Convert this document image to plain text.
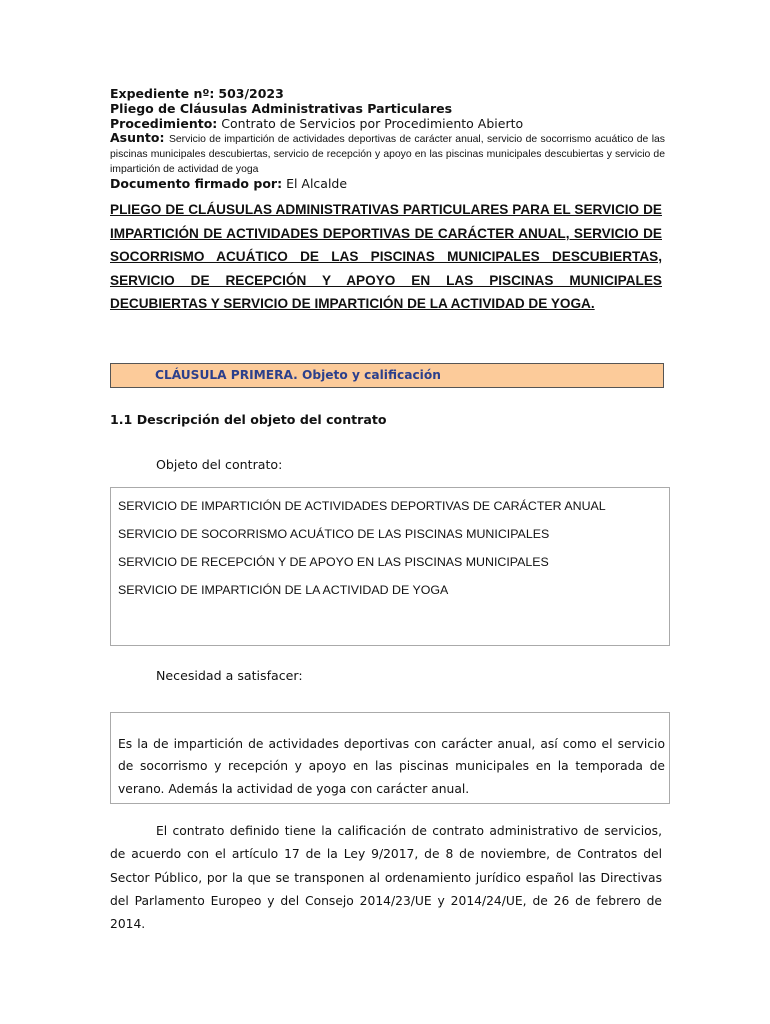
Expediente nº: 503/2023
Pliego de Cláusulas Administrativas Particulares
Procedimiento: Contrato de Servicios por Procedimiento Abierto
Asunto: Servicio de impartición de actividades deportivas de carácter anual, servicio de socorrismo acuático de las piscinas municipales descubiertas, servicio de recepción y apoyo en las piscinas municipales descubiertas y servicio de impartición de actividad de yoga
Documento firmado por: El Alcalde
PLIEGO DE CLÁUSULAS ADMINISTRATIVAS PARTICULARES PARA EL SERVICIO DE IMPARTICIÓN DE ACTIVIDADES DEPORTIVAS DE CARÁCTER ANUAL, SERVICIO DE SOCORRISMO ACUÁTICO DE LAS PISCINAS MUNICIPALES DESCUBIERTAS, SERVICIO DE RECEPCIÓN Y APOYO EN LAS PISCINAS MUNICIPALES DECUBIERTAS Y SERVICIO DE IMPARTICIÓN DE LA ACTIVIDAD DE YOGA.
CLÁUSULA PRIMERA. Objeto y calificación
1.1 Descripción del objeto del contrato
Objeto del contrato:
SERVICIO DE IMPARTICIÓN DE ACTIVIDADES DEPORTIVAS DE CARÁCTER ANUAL
SERVICIO DE SOCORRISMO ACUÁTICO DE LAS PISCINAS MUNICIPALES
SERVICIO DE RECEPCIÓN Y DE APOYO EN LAS PISCINAS MUNICIPALES
SERVICIO DE IMPARTICIÓN DE LA ACTIVIDAD DE YOGA
Necesidad a satisfacer:

Es la de impartición de actividades deportivas con carácter anual, así como el servicio de socorrismo y recepción y apoyo en las piscinas municipales en la temporada de verano. Además la actividad de yoga con carácter anual.

El contrato definido tiene la calificación de contrato administrativo de servicios, de acuerdo con el artículo 17 de la Ley 9/2017, de 8 de noviembre, de Contratos del Sector Público, por la que se transponen al ordenamiento jurídico español las Directivas del Parlamento Europeo y del Consejo 2014/23/UE y 2014/24/UE, de 26 de febrero de 2014.
